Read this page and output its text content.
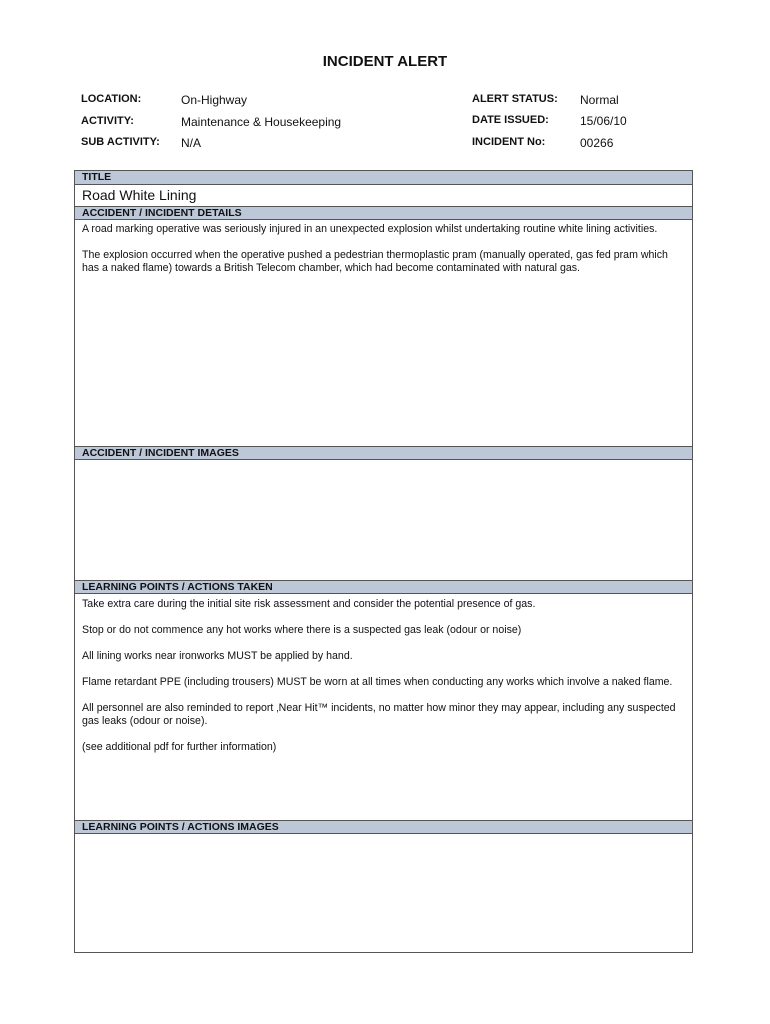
INCIDENT ALERT
LOCATION:	On-Highway
ACTIVITY:	Maintenance & Housekeeping
SUB ACTIVITY: N/A
ALERT STATUS: Normal
DATE ISSUED:	15/06/10
INCIDENT No:	00266
TITLE
Road White Lining
ACCIDENT / INCIDENT DETAILS

A road marking operative was seriously injured in an unexpected explosion whilst undertaking routine white lining activities.

The explosion occurred when the operative pushed a pedestrian thermoplastic pram (manually operated, gas fed pram which has a naked flame) towards a British Telecom chamber, which had become contaminated with natural gas.

ACCIDENT / INCIDENT IMAGES
LEARNING POINTS / ACTIONS TAKEN

Take extra care during the initial site risk assessment and consider the potential presence of gas.

Stop or do not commence any hot works where there is a suspected gas leak (odour or noise)

All lining works near ironworks MUST be applied by hand.

Flame retardant PPE (including trousers) MUST be worn at all times when conducting any works which involve a naked flame.

All personnel are also reminded to report ‚Near Hit™ incidents, no matter how minor they may appear, including any suspected gas leaks (odour or noise).

(see additional pdf for further information)

LEARNING POINTS / ACTIONS IMAGES
